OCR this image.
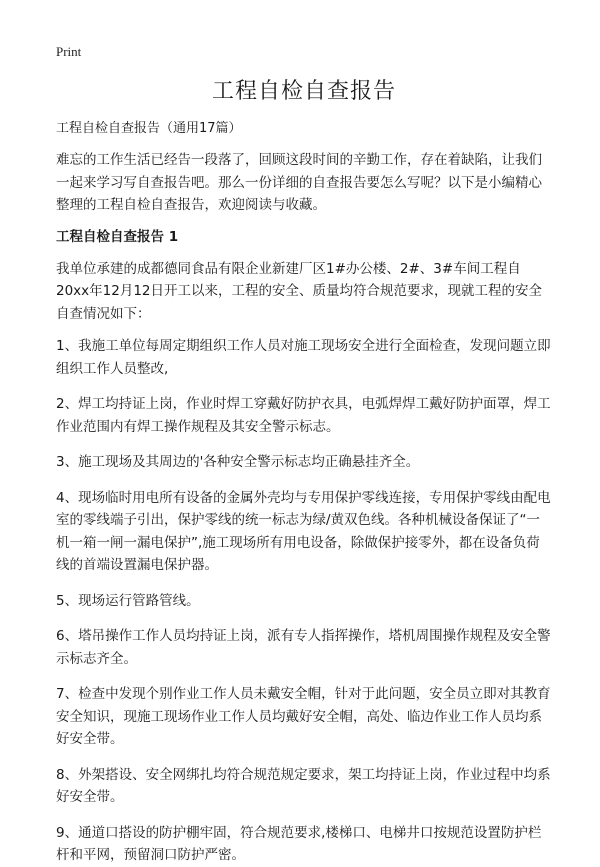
Print
工程自检自查报告
工程自检自查报告（通用17篇）

难忘的工作生活已经告一段落了，回顾这段时间的辛勤工作，存在着缺陷，让我们一起来学习写自查报告吧。那么一份详细的自查报告要怎么写呢？以下是小编精心整理的工程自检自查报告，欢迎阅读与收藏。

工程自检自查报告 1

我单位承建的成都德同食品有限企业新建厂区1#办公楼、2#、3#车间工程自20xx年12月12日开工以来，工程的安全、质量均符合规范要求，现就工程的安全自查情况如下：

1、我施工单位每周定期组织工作人员对施工现场安全进行全面检查，发现问题立即组织工作人员整改,

2、焊工均持证上岗，作业时焊工穿戴好防护衣具，电弧焊焊工戴好防护面罩，焊工作业范围内有焊工操作规程及其安全警示标志。

3、施工现场及其周边的'各种安全警示标志均正确悬挂齐全。

4、现场临时用电所有设备的金属外壳均与专用保护零线连接，专用保护零线由配电室的零线端子引出，保护零线的统一标志为绿/黄双色线。各种机械设备保证了“一机一箱一闸一漏电保护”,施工现场所有用电设备，除做保护接零外，都在设备负荷线的首端设置漏电保护器。

5、现场运行管路管线。

6、塔吊操作工作人员均持证上岗，派有专人指挥操作，塔机周围操作规程及安全警示标志齐全。

7、检查中发现个别作业工作人员未戴安全帽，针对于此问题，安全员立即对其教育安全知识，现施工现场作业工作人员均戴好安全帽，高处、临边作业工作人员均系好安全带。

8、外架搭设、安全网绑扎均符合规范规定要求，架工均持证上岗，作业过程中均系好安全带。

9、通道口搭设的防护棚牢固，符合规范要求,楼梯口、电梯井口按规范设置防护栏杆和平网，预留洞口防护严密。
